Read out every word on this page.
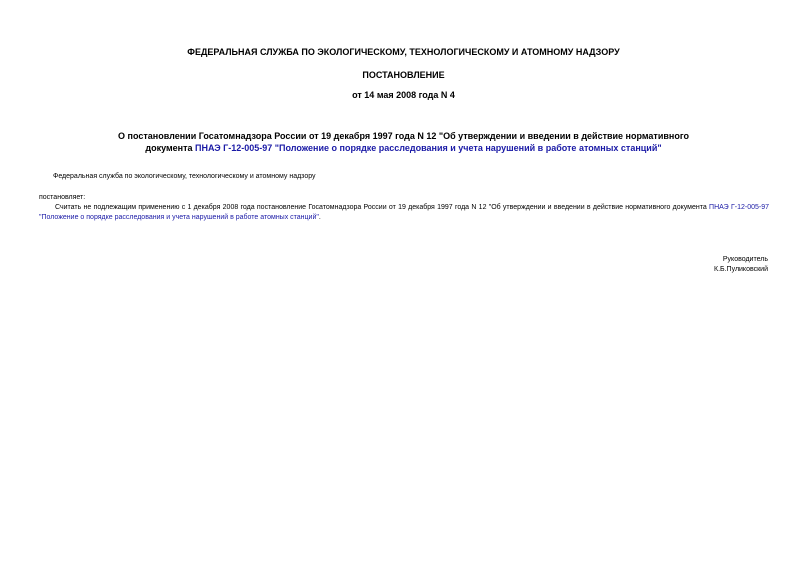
ФЕДЕРАЛЬНАЯ СЛУЖБА ПО ЭКОЛОГИЧЕСКОМУ, ТЕХНОЛОГИЧЕСКОМУ И АТОМНОМУ НАДЗОРУ
ПОСТАНОВЛЕНИЕ
от 14 мая 2008 года N 4
О постановлении Госатомнадзора России от 19 декабря 1997 года N 12 "Об утверждении и введении в действие нормативного документа ПНАЭ Г-12-005-97 "Положение о порядке расследования и учета нарушений в работе атомных станций"
Федеральная служба по экологическому, технологическому и атомному надзору
постановляет:
Считать не подлежащим применению с 1 декабря 2008 года постановление Госатомнадзора России от 19 декабря 1997 года N 12 "Об утверждении и введении в действие нормативного документа ПНАЭ Г-12-005-97 "Положение о порядке расследования и учета нарушений в работе атомных станций".
Руководитель
К.Б.Пуликовский
